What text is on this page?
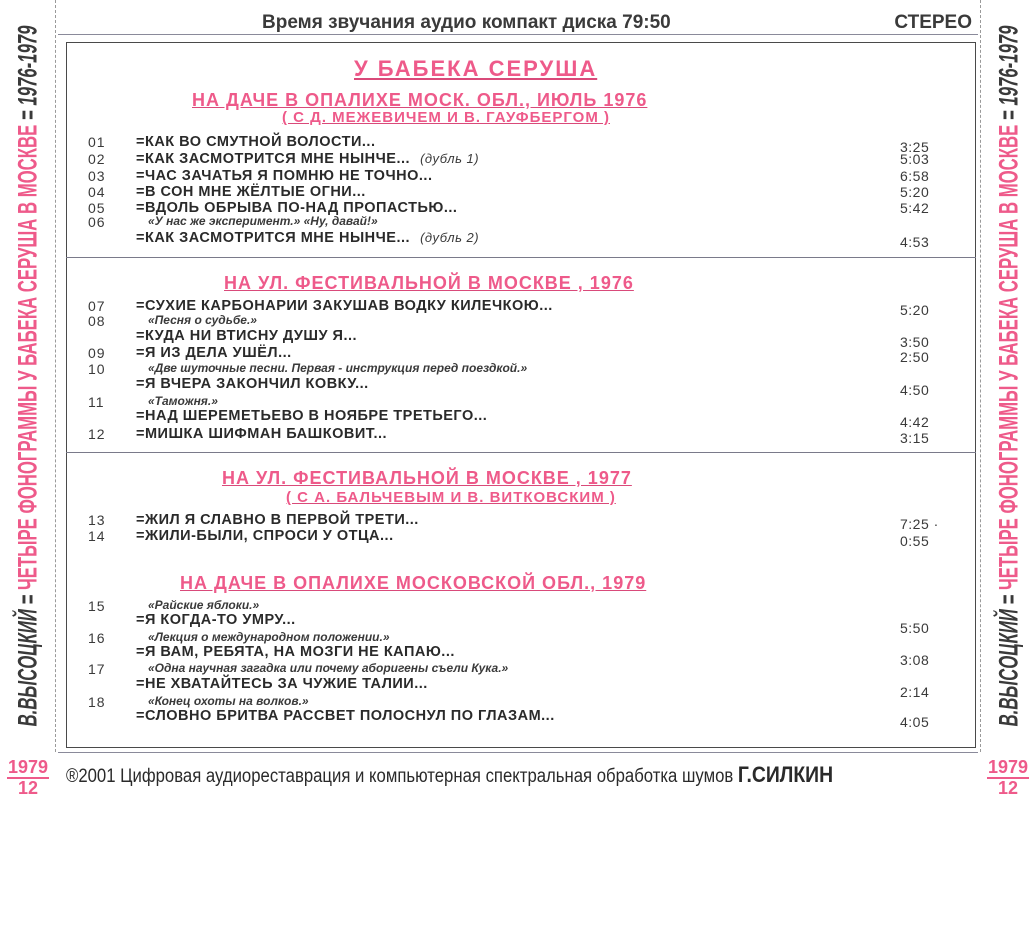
В.ВЫСОЦКИЙ = ЧЕТЫРЕ ФОНОГРАММЫ У БАБЕКА СЕРУША В МОСКВЕ = 1976-1979
В.ВЫСОЦКИЙ = ЧЕТЫРЕ ФОНОГРАММЫ У БАБЕКА СЕРУША В МОСКВЕ = 1976-1979
1979
12
1979
12
Время звучания аудио компакт диска 79:50	СТЕРЕО
У БАБЕКА СЕРУША
НА ДАЧЕ В ОПАЛИХЕ МОСК. ОБЛ., ИЮЛЬ 1976
( С Д. МЕЖЕВИЧЕМ И В. ГАУФБЕРГОМ )
НА УЛ. ФЕСТИВАЛЬНОЙ В МОСКВЕ , 1976
НА УЛ. ФЕСТИВАЛЬНОЙ В МОСКВЕ , 1977
( С А. БАЛЬЧЕВЫМ И В. ВИТКОВСКИМ )
НА ДАЧЕ В ОПАЛИХЕ МОСКОВСКОЙ ОБЛ., 1979
01 =КАК ВО СМУТНОЙ ВОЛОСТИ...	3:25
02 =КАК ЗАСМОТРИТСЯ МНЕ НЫНЧЕ... (дубль 1)	5:03
03 =ЧАС ЗАЧАТЬЯ Я ПОМНЮ НЕ ТОЧНО...	6:58
04 =В СОН МНЕ ЖЁЛТЫЕ ОГНИ...	5:20
05 =ВДОЛЬ ОБРЫВА ПО-НАД ПРОПАСТЬЮ...	5:42
06	«У нас же эксперимент.» «Ну, давай!»
=КАК ЗАСМОТРИТСЯ МНЕ НЫНЧЕ... (дубль 2)	4:53
07 =СУХИЕ КАРБОНАРИИ ЗАКУШАВ ВОДКУ КИЛЕЧКОЮ...	5:20
08	«Песня о судьбе.»
=КУДА НИ ВТИСНУ ДУШУ Я...	3:50
09 =Я ИЗ ДЕЛА УШЁЛ...	2:50
10	«Две шуточные песни. Первая - инструкция перед поездкой.»
=Я ВЧЕРА ЗАКОНЧИЛ КОВКУ...	4:50
11	«Таможня.»
=НАД ШЕРЕМЕТЬЕВО В НОЯБРЕ ТРЕТЬЕГО...	4:42
12 =МИШКА ШИФМАН БАШКОВИТ...	3:15
13 =ЖИЛ Я СЛАВНО В ПЕРВОЙ ТРЕТИ...	7:25 ·
14 =ЖИЛИ-БЫЛИ, СПРОСИ У ОТЦА...	0:55
15	«Райские яблоки.»
=Я КОГДА-ТО УМРУ...	5:50
16	«Лекция о международном положении.»
=Я ВАМ, РЕБЯТА, НА МОЗГИ НЕ КАПАЮ...	3:08
17	«Одна научная загадка или почему аборигены съели Кука.»
=НЕ ХВАТАЙТЕСЬ ЗА ЧУЖИЕ ТАЛИИ...	2:14
18	«Конец охоты на волков.»
=СЛОВНО БРИТВА РАССВЕТ ПОЛОСНУЛ ПО ГЛАЗАМ...	4:05
®2001 Цифровая аудиореставрация и компьютерная спектральная обработка шумов Г.СИЛКИН
